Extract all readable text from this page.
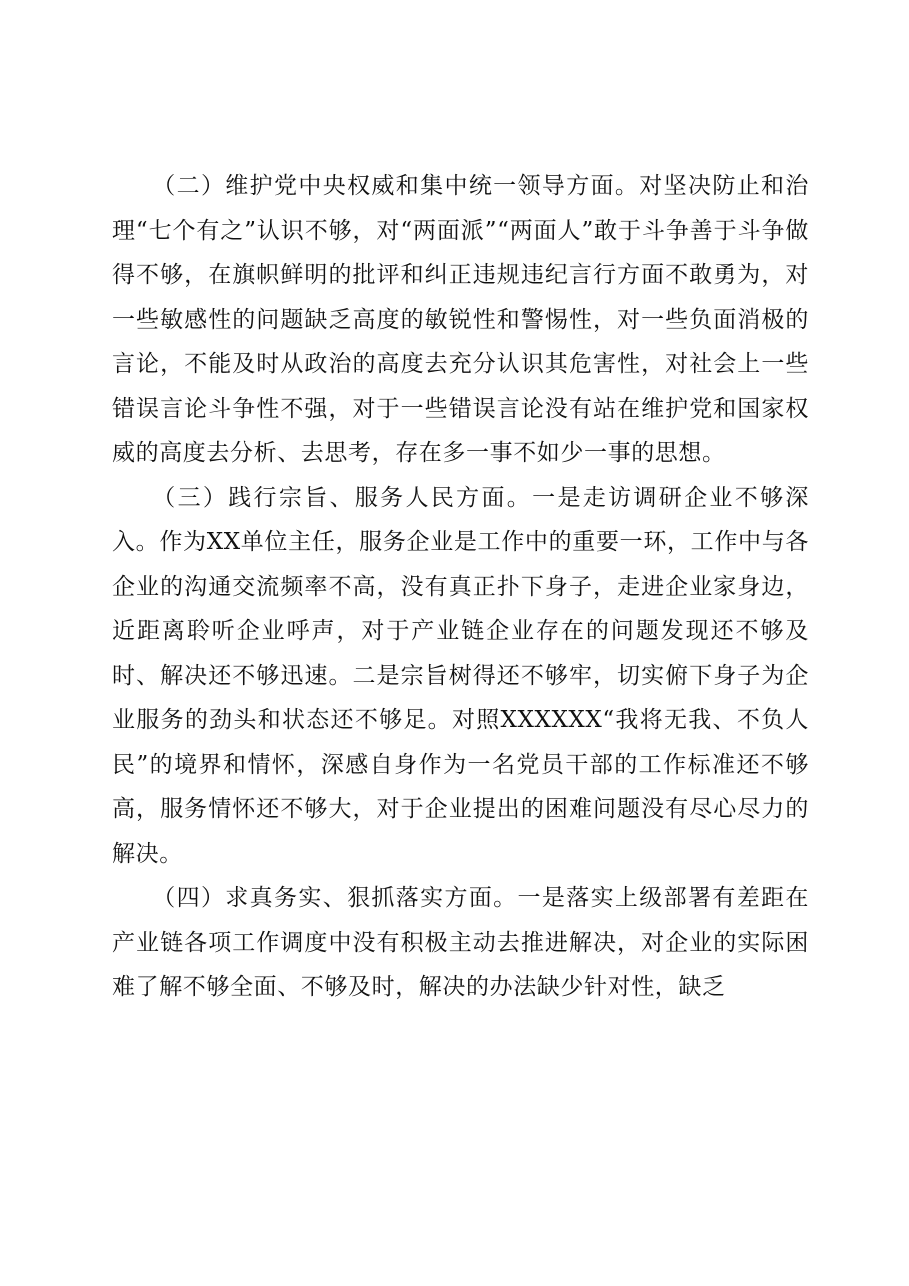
（二）维护党中央权威和集中统一领导方面。对坚决防止和治理“七个有之”认识不够，对“两面派”“两面人”敢于斗争善于斗争做得不够，在旗帜鲜明的批评和纠正违规违纪言行方面不敢勇为，对一些敏感性的问题缺乏高度的敏锐性和警惕性，对一些负面消极的言论，不能及时从政治的高度去充分认识其危害性，对社会上一些错误言论斗争性不强，对于一些错误言论没有站在维护党和国家权威的高度去分析、去思考，存在多一事不如少一事的思想。

（三）践行宗旨、服务人民方面。一是走访调研企业不够深入。作为XX单位主任，服务企业是工作中的重要一环，工作中与各企业的沟通交流频率不高，没有真正扑下身子，走进企业家身边，近距离聆听企业呼声，对于产业链企业存在的问题发现还不够及时、解决还不够迅速。二是宗旨树得还不够牢，切实俯下身子为企业服务的劲头和状态还不够足。对照XXXXXX“我将无我、不负人民”的境界和情怀，深感自身作为一名党员干部的工作标准还不够高，服务情怀还不够大，对于企业提出的困难问题没有尽心尽力的解决。

（四）求真务实、狠抓落实方面。一是落实上级部署有差距在产业链各项工作调度中没有积极主动去推进解决，对企业的实际困难了解不够全面、不够及时，解决的办法缺少针对性，缺乏
